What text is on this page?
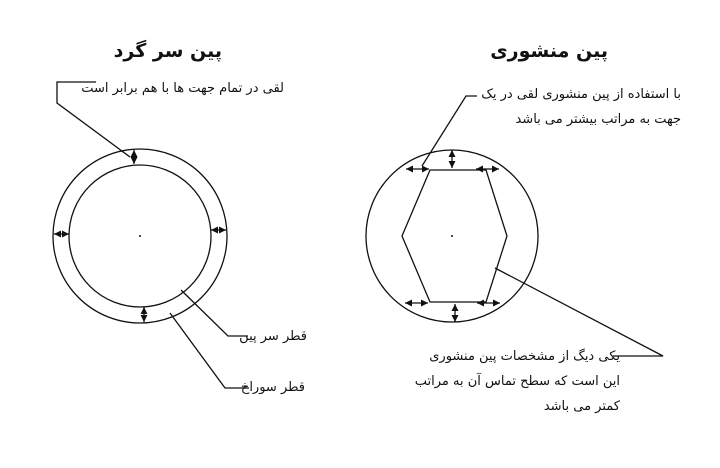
پین سر گرد	پین منشوری
لقی در تمام جهت ها با هم برابر است	با استفاده از پین منشوری لقی در یک
جهت به مراتب بیشتر می باشد
قطر سر پین
قطر سوراخ
یکی دیگ از مشخصات پین منشوری
این است که سطح تماس آن به مراتب
کمتر می باشد
